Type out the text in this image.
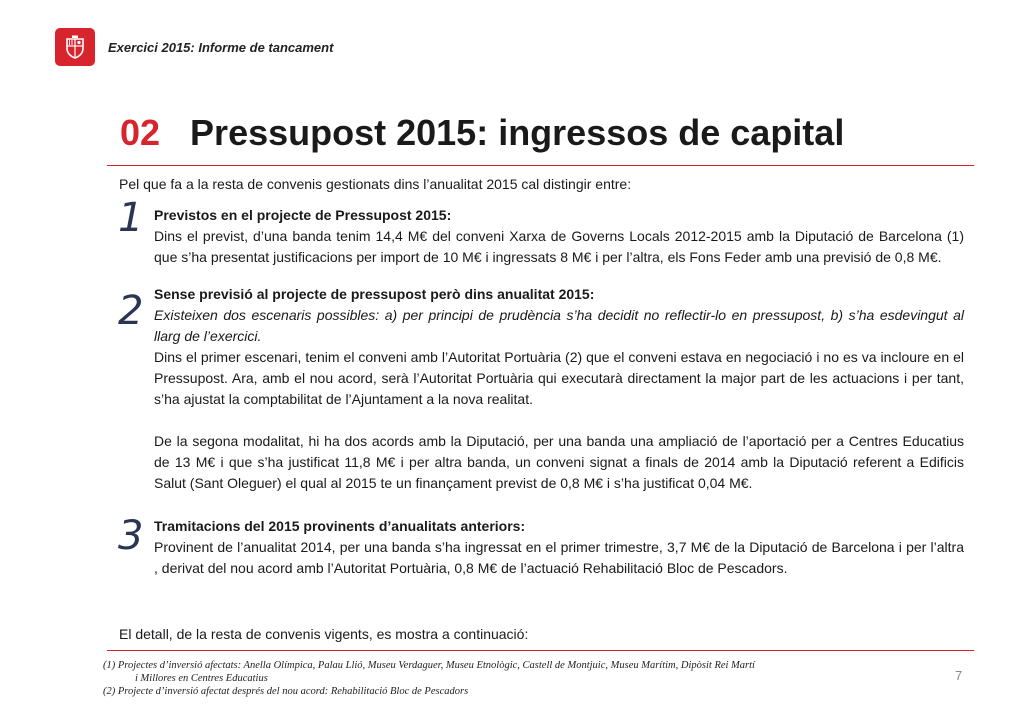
Exercici 2015: Informe de tancament
02 Pressupost 2015: ingressos de capital
Pel que fa a la resta de convenis gestionats dins l’anualitat 2015 cal distingir entre:
1 Previstos en el projecte de Pressupost 2015:

Dins el previst, d’una banda tenim 14,4 M€ del conveni Xarxa de Governs Locals 2012-2015 amb la Diputació de Barcelona (1) que s’ha presentat justificacions per import de 10 M€ i ingressats 8 M€ i per l’altra, els Fons Feder amb una previsió de 0,8 M€.

2 Sense previsió al projecte de pressupost però dins anualitat 2015:

Existeixen dos escenaris possibles: a) per principi de prudència s’ha decidit no reflectir-lo en pressupost, b) s’ha esdevingut al llarg de l’exercici.

Dins el primer escenari, tenim el conveni amb l’Autoritat Portuària (2) que el conveni estava en negociació i no es va incloure en el Pressupost. Ara, amb el nou acord, serà l’Autoritat Portuària qui executarà directament la major part de les actuacions i per tant, s’ha ajustat la comptabilitat de l’Ajuntament a la nova realitat.

De la segona modalitat, hi ha dos acords amb la Diputació, per una banda una ampliació de l’aportació per a Centres Educatius de 13 M€ i que s’ha justificat 11,8 M€ i per altra banda, un conveni signat a finals de 2014 amb la Diputació referent a Edificis Salut (Sant Oleguer) el qual al 2015 te un finançament previst de 0,8 M€ i s’ha justificat 0,04 M€.

3 Tramitacions del 2015 provinents d’anualitats anteriors:

Provinent de l’anualitat 2014, per una banda s’ha ingressat en el primer trimestre, 3,7 M€ de la Diputació de Barcelona i per l’altra , derivat del nou acord amb l’Autoritat Portuària, 0,8 M€ de l’actuació Rehabilitació Bloc de Pescadors.

El detall, de la resta de convenis vigents, es mostra a continuació:

(1) Projectes d’inversió afectats: Anella Olímpica, Palau Llió, Museu Verdaguer, Museu Etnològic, Castell de Montjuic, Museu Marítim, Dipòsit Rei Martí

i Millores en Centres Educatius

(2) Projecte d’inversió afectat després del nou acord: Rehabilitació Bloc de Pescadors

7
